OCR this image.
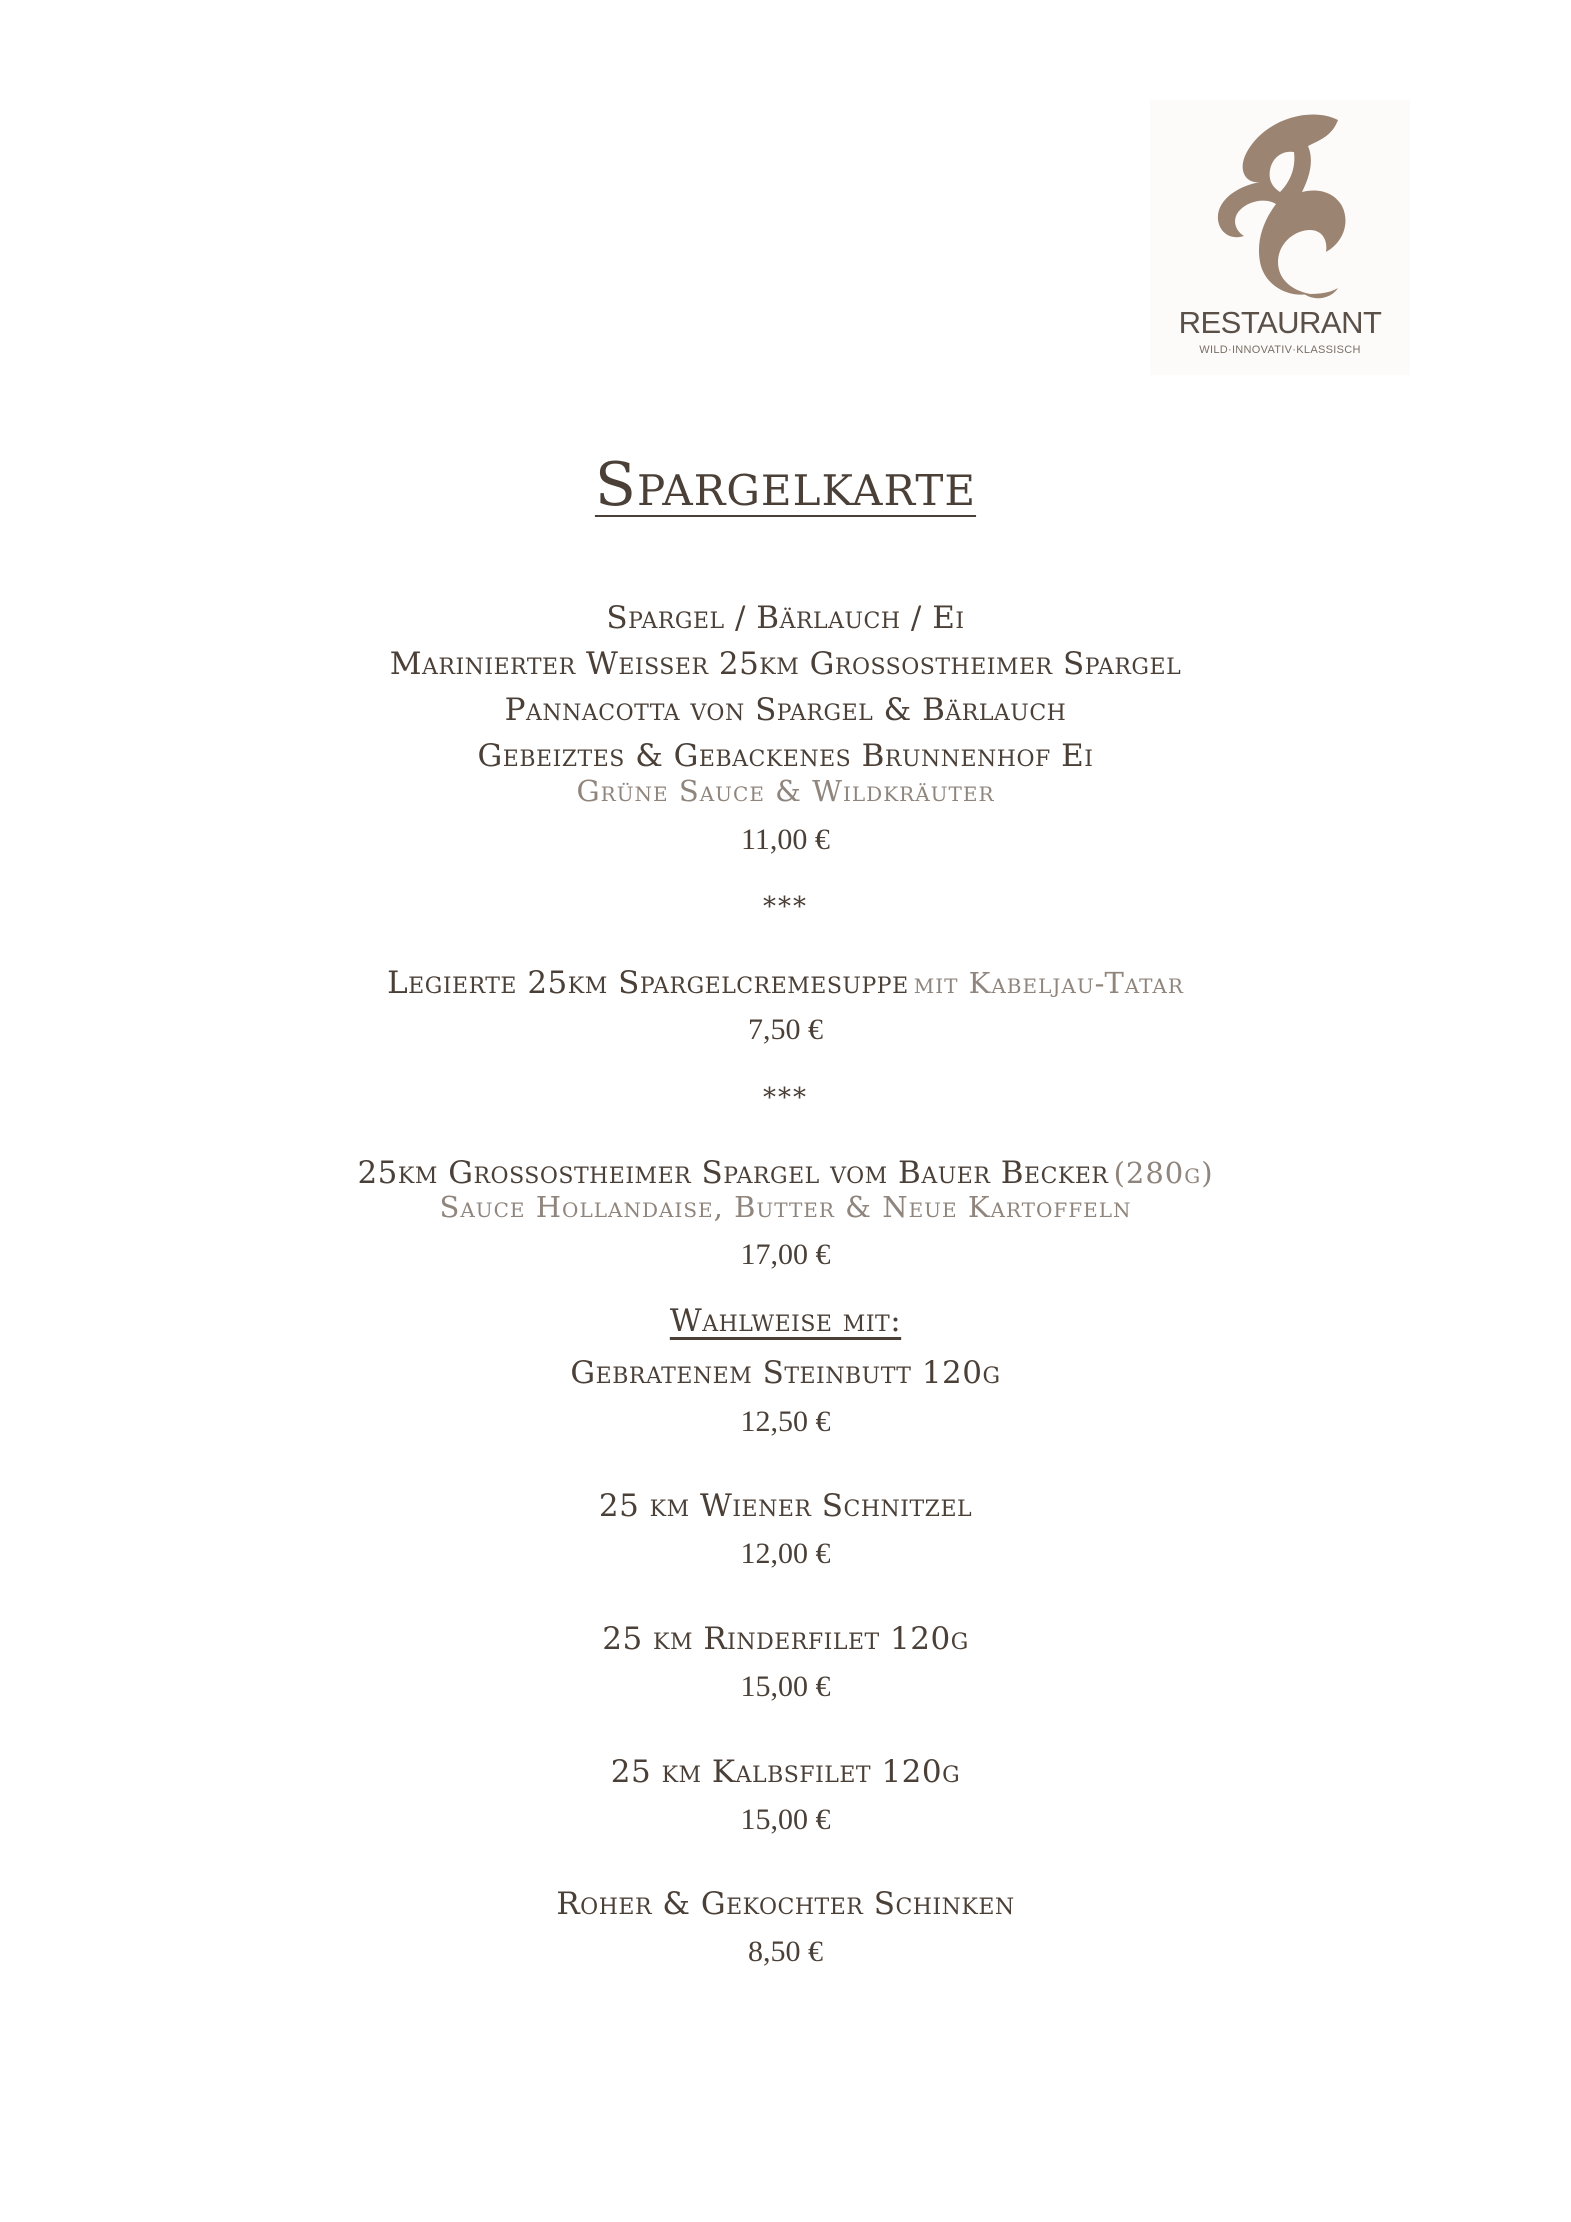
RESTAURANT
WILD·INNOVATIV·KLASSISCH
Spargelkarte
Spargel / Bärlauch / Ei
Marinierter Weisser 25km Grossostheimer Spargel
Pannacotta von Spargel & Bärlauch
Gebeiztes & Gebackenes Brunnenhof Ei
Grüne Sauce & Wildkräuter
11,00 €
***
Legierte 25km Spargelcremesuppe mit Kabeljau-Tatar
7,50 €
***
25km Grossostheimer Spargel vom Bauer Becker (280g)
Sauce Hollandaise, Butter & Neue Kartoffeln
17,00 €
Wahlweise mit:
Gebratenem Steinbutt 120g
12,50 €
25 km Wiener Schnitzel
12,00 €
25 km Rinderfilet 120g
15,00 €
25 km Kalbsfilet 120g
15,00 €
Roher & Gekochter Schinken
8,50 €
